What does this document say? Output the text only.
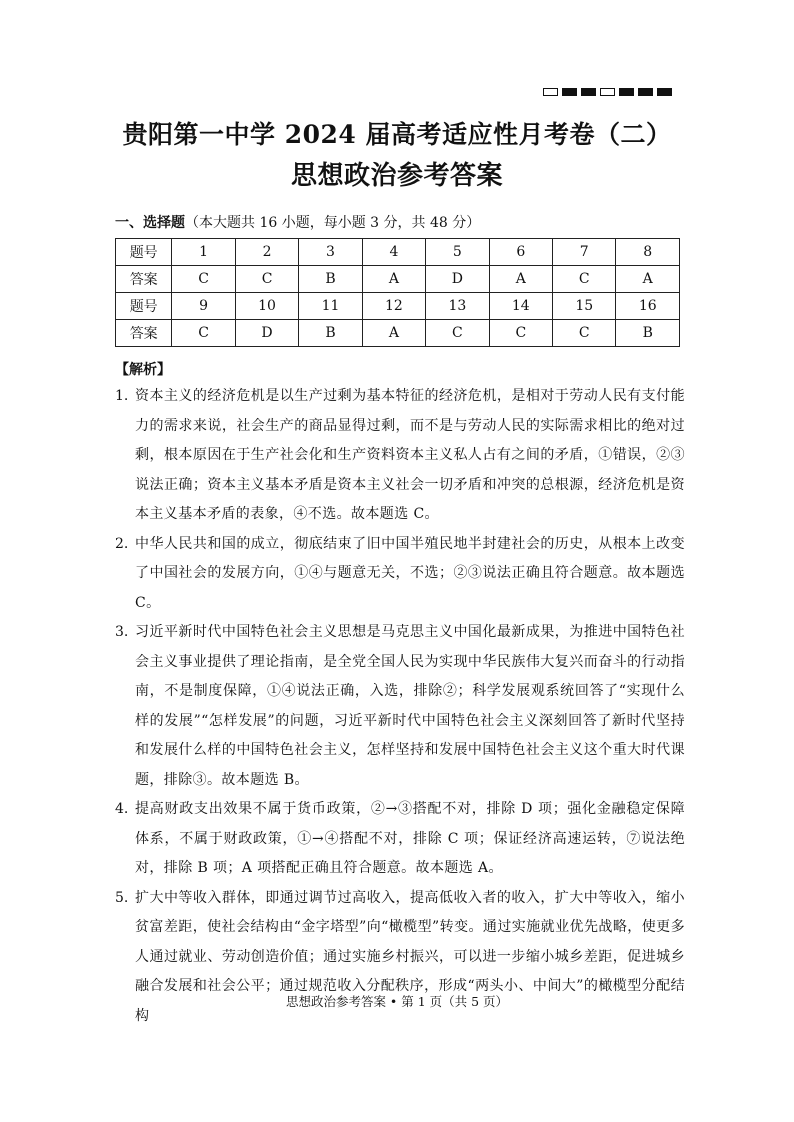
贵阳第一中学 2024 届高考适应性月考卷（二）
思想政治参考答案
一、选择题（本大题共 16 小题，每小题 3 分，共 48 分）
题号	1	2	3	4	5	6	7	8
答案	C	C	B	A	D	A	C	A
题号	9	10	11	12	13	14	15	16
答案	C	D	B	A	C	C	C	B
【解析】
1. 资本主义的经济危机是以生产过剩为基本特征的经济危机，是相对于劳动人民有支付能力的需求来说，社会生产的商品显得过剩，而不是与劳动人民的实际需求相比的绝对过剩，根本原因在于生产社会化和生产资料资本主义私人占有之间的矛盾，①错误，②③说法正确；资本主义基本矛盾是资本主义社会一切矛盾和冲突的总根源，经济危机是资本主义基本矛盾的表象，④不选。故本题选 C。
2. 中华人民共和国的成立，彻底结束了旧中国半殖民地半封建社会的历史，从根本上改变了中国社会的发展方向，①④与题意无关，不选；②③说法正确且符合题意。故本题选 C。
3. 习近平新时代中国特色社会主义思想是马克思主义中国化最新成果，为推进中国特色社会主义事业提供了理论指南，是全党全国人民为实现中华民族伟大复兴而奋斗的行动指南，不是制度保障，①④说法正确，入选，排除②；科学发展观系统回答了“实现什么样的发展”“怎样发展”的问题，习近平新时代中国特色社会主义深刻回答了新时代坚持和发展什么样的中国特色社会主义，怎样坚持和发展中国特色社会主义这个重大时代课题，排除③。故本题选 B。
4. 提高财政支出效果不属于货币政策，②→③搭配不对，排除 D 项；强化金融稳定保障体系，不属于财政政策，①→④搭配不对，排除 C 项；保证经济高速运转，⑦说法绝对，排除 B 项；A 项搭配正确且符合题意。故本题选 A。
5. 扩大中等收入群体，即通过调节过高收入，提高低收入者的收入，扩大中等收入，缩小贫富差距，使社会结构由“金字塔型”向“橄榄型”转变。通过实施就业优先战略，使更多人通过就业、劳动创造价值；通过实施乡村振兴，可以进一步缩小城乡差距，促进城乡融合发展和社会公平；通过规范收入分配秩序，形成“两头小、中间大”的橄榄型分配结构
思想政治参考答案 • 第 1 页（共 5 页）
